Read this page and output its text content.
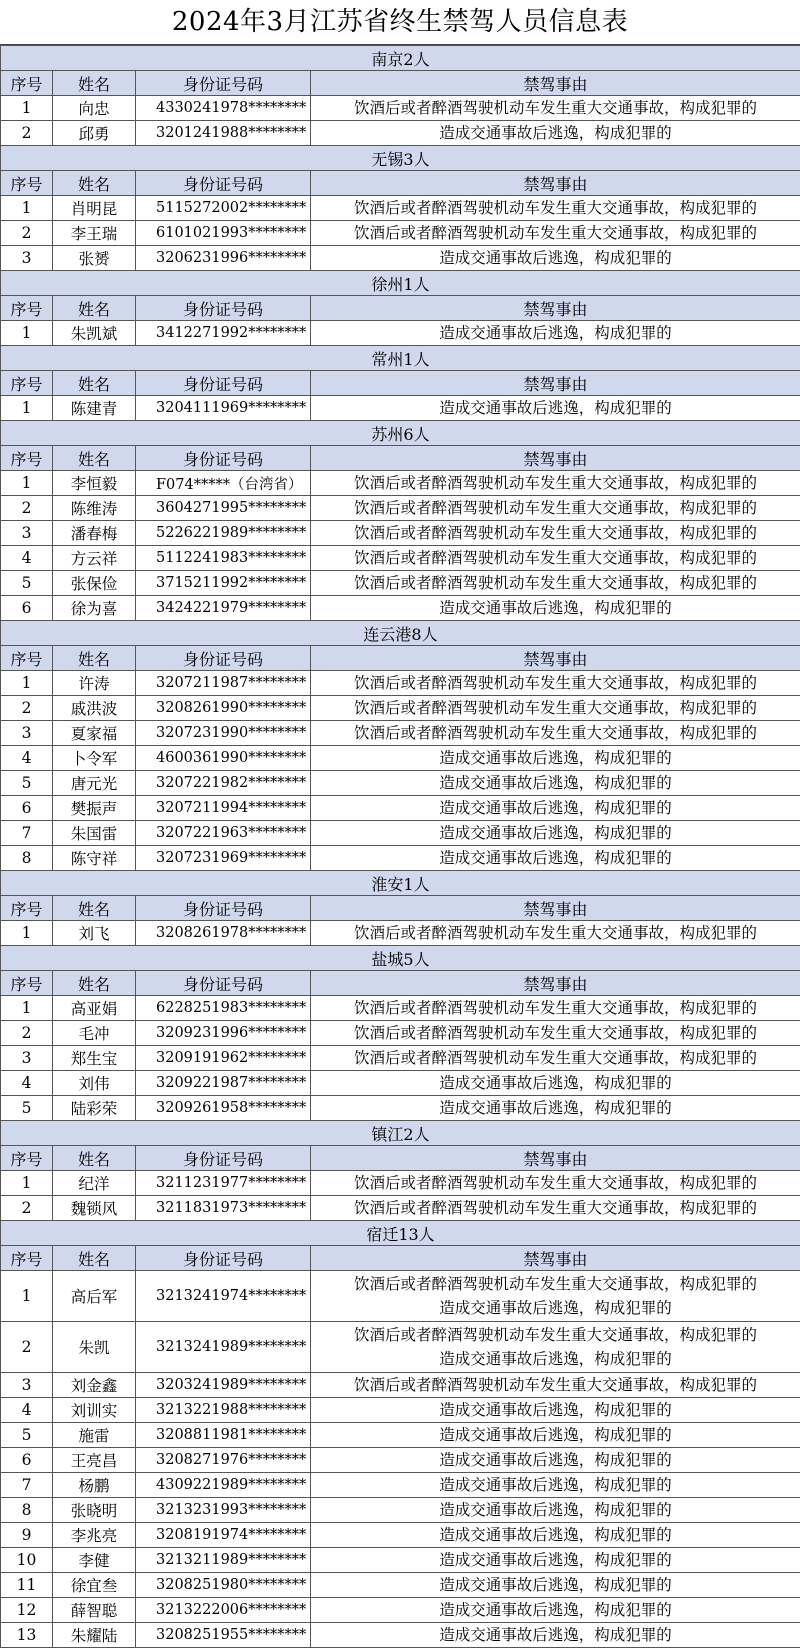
2024年3月江苏省终生禁驾人员信息表
南京2人			
序号	姓名	身份证号码	禁驾事由
1	向忠	4330241978********	饮酒后或者醉酒驾驶机动车发生重大交通事故，构成犯罪的

2	邱勇	3201241988********	造成交通事故后逃逸，构成犯罪的

无锡3人			
序号	姓名	身份证号码	禁驾事由
1	肖明昆	5115272002********	饮酒后或者醉酒驾驶机动车发生重大交通事故，构成犯罪的

2	李王瑞	6101021993********	饮酒后或者醉酒驾驶机动车发生重大交通事故，构成犯罪的

3	张赟	3206231996********	造成交通事故后逃逸，构成犯罪的

徐州1人			
序号	姓名	身份证号码	禁驾事由
1	朱凯斌	3412271992********	造成交通事故后逃逸，构成犯罪的

常州1人			
序号	姓名	身份证号码	禁驾事由
1	陈建青	3204111969********	造成交通事故后逃逸，构成犯罪的

苏州6人			
序号	姓名	身份证号码	禁驾事由
1	李恒毅	F074*****（台湾省）	饮酒后或者醉酒驾驶机动车发生重大交通事故，构成犯罪的

2	陈维涛	3604271995********	饮酒后或者醉酒驾驶机动车发生重大交通事故，构成犯罪的

3	潘春梅	5226221989********	饮酒后或者醉酒驾驶机动车发生重大交通事故，构成犯罪的

4	方云祥	5112241983********	饮酒后或者醉酒驾驶机动车发生重大交通事故，构成犯罪的

5	张保俭	3715211992********	饮酒后或者醉酒驾驶机动车发生重大交通事故，构成犯罪的

6	徐为喜	3424221979********	造成交通事故后逃逸，构成犯罪的

连云港8人			
序号	姓名	身份证号码	禁驾事由
1	许涛	3207211987********	饮酒后或者醉酒驾驶机动车发生重大交通事故，构成犯罪的

2	戚洪波	3208261990********	饮酒后或者醉酒驾驶机动车发生重大交通事故，构成犯罪的

3	夏家福	3207231990********	饮酒后或者醉酒驾驶机动车发生重大交通事故，构成犯罪的

4	卜令军	4600361990********	造成交通事故后逃逸，构成犯罪的

5	唐元光	3207221982********	造成交通事故后逃逸，构成犯罪的

6	樊振声	3207211994********	造成交通事故后逃逸，构成犯罪的

7	朱国雷	3207221963********	造成交通事故后逃逸，构成犯罪的

8	陈守祥	3207231969********	造成交通事故后逃逸，构成犯罪的

淮安1人			
序号	姓名	身份证号码	禁驾事由
1	刘飞	3208261978********	饮酒后或者醉酒驾驶机动车发生重大交通事故，构成犯罪的

盐城5人			
序号	姓名	身份证号码	禁驾事由
1	高亚娟	6228251983********	饮酒后或者醉酒驾驶机动车发生重大交通事故，构成犯罪的

2	毛冲	3209231996********	饮酒后或者醉酒驾驶机动车发生重大交通事故，构成犯罪的

3	郑生宝	3209191962********	饮酒后或者醉酒驾驶机动车发生重大交通事故，构成犯罪的

4	刘伟	3209221987********	造成交通事故后逃逸，构成犯罪的

5	陆彩荣	3209261958********	造成交通事故后逃逸，构成犯罪的

镇江2人			
序号	姓名	身份证号码	禁驾事由
1	纪洋	3211231977********	饮酒后或者醉酒驾驶机动车发生重大交通事故，构成犯罪的

2	魏锁风	3211831973********	饮酒后或者醉酒驾驶机动车发生重大交通事故，构成犯罪的

宿迁13人			
序号	姓名	身份证号码	禁驾事由
1	高后军	3213241974********	饮酒后或者醉酒驾驶机动车发生重大交通事故，构成犯罪的
造成交通事故后逃逸，构成犯罪的

2	朱凯	3213241989********	饮酒后或者醉酒驾驶机动车发生重大交通事故，构成犯罪的
造成交通事故后逃逸，构成犯罪的

3	刘金鑫	3203241989********	饮酒后或者醉酒驾驶机动车发生重大交通事故，构成犯罪的

4	刘训实	3213221988********	造成交通事故后逃逸，构成犯罪的

5	施雷	3208811981********	造成交通事故后逃逸，构成犯罪的

6	王亮昌	3208271976********	造成交通事故后逃逸，构成犯罪的

7	杨鹏	4309221989********	造成交通事故后逃逸，构成犯罪的

8	张晓明	3213231993********	造成交通事故后逃逸，构成犯罪的

9	李兆亮	3208191974********	造成交通事故后逃逸，构成犯罪的

10	李健	3213211989********	造成交通事故后逃逸，构成犯罪的

11	徐宜叁	3208251980********	造成交通事故后逃逸，构成犯罪的

12	薛智聪	3213222006********	造成交通事故后逃逸，构成犯罪的

13	朱耀陆	3208251955********	造成交通事故后逃逸，构成犯罪的
